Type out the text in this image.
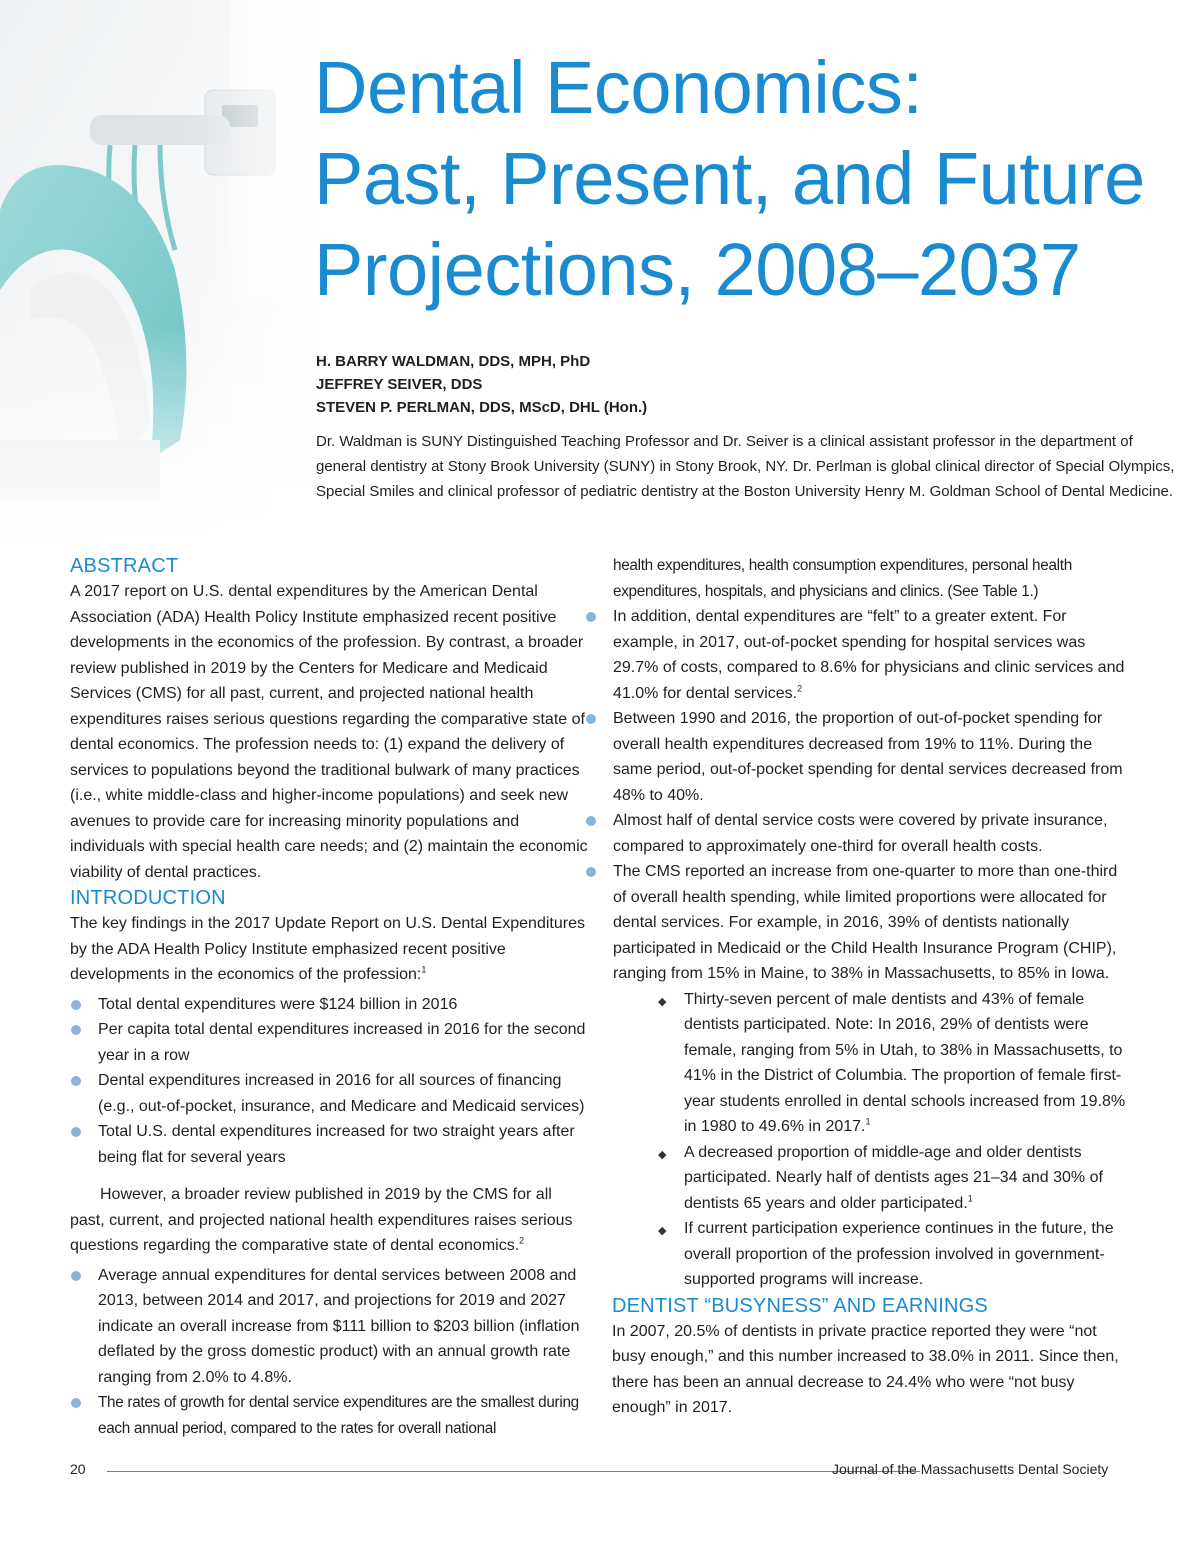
Dental Economics:
Past, Present, and Future
Projections, 2008–2037
H. BARRY WALDMAN, DDS, MPH, PhD
JEFFREY SEIVER, DDS
STEVEN P. PERLMAN, DDS, MScD, DHL (Hon.)

Dr. Waldman is SUNY Distinguished Teaching Professor and Dr. Seiver is a clinical assistant professor in the department of general dentistry at Stony Brook University (SUNY) in Stony Brook, NY. Dr. Perlman is global clinical director of Special Olympics, Special Smiles and clinical professor of pediatric dentistry at the Boston University Henry M. Goldman School of Dental Medicine.

ABSTRACT

A 2017 report on U.S. dental expenditures by the American Dental Association (ADA) Health Policy Institute emphasized recent positive developments in the economics of the profession. By contrast, a broader review published in 2019 by the Centers for Medicare and Medicaid Services (CMS) for all past, current, and projected national health expenditures raises serious questions regarding the comparative state of dental economics. The profession needs to: (1) expand the delivery of services to populations beyond the traditional bulwark of many practices (i.e., white middle-class and higher-income populations) and seek new avenues to provide care for increasing minority populations and individuals with special health care needs; and (2) maintain the economic viability of dental practices.

INTRODUCTION

The key findings in the 2017 Update Report on U.S. Dental Expenditures by the ADA Health Policy Institute emphasized recent positive developments in the economics of the profession:$^1$

Total dental expenditures were $124 billion in 2016
Per capita total dental expenditures increased in 2016 for the second year in a row
Dental expenditures increased in 2016 for all sources of financing (e.g., out-of-pocket, insurance, and Medicare and Medicaid services)
Total U.S. dental expenditures increased for two straight years after being flat for several years

However, a broader review published in 2019 by the CMS for all past, current, and projected national health expenditures raises serious questions regarding the comparative state of dental economics.$^2$

Average annual expenditures for dental services between 2008 and 2013, between 2014 and 2017, and projections for 2019 and 2027 indicate an overall increase from $111 billion to $203 billion (inflation deflated by the gross domestic product) with an annual growth rate ranging from 2.0% to 4.8%.
The rates of growth for dental service expenditures are the smallest during each annual period, compared to the rates for overall national

health expenditures, health consumption expenditures, personal health expenditures, hospitals, and physicians and clinics. (See Table 1.)

In addition, dental expenditures are “felt” to a greater extent. For example, in 2017, out-of-pocket spending for hospital services was 29.7% of costs, compared to 8.6% for physicians and clinic services and 41.0% for dental services.$^2$
Between 1990 and 2016, the proportion of out-of-pocket spending for overall health expenditures decreased from 19% to 11%. During the same period, out-of-pocket spending for dental services decreased from 48% to 40%.
Almost half of dental service costs were covered by private insurance, compared to approximately one-third for overall health costs.
The CMS reported an increase from one-quarter to more than one-third of overall health spending, while limited proportions were allocated for dental services. For example, in 2016, 39% of dentists nationally participated in Medicaid or the Child Health Insurance Program (CHIP), ranging from 15% in Maine, to 38% in Massachusetts, to 85% in Iowa.
◆ Thirty-seven percent of male dentists and 43% of female dentists participated. Note: In 2016, 29% of dentists were female, ranging from 5% in Utah, to 38% in Massachusetts, to 41% in the District of Columbia. The proportion of female first-year students enrolled in dental schools increased from 19.8% in 1980 to 49.6% in 2017.$^1$
◆ A decreased proportion of middle-age and older dentists participated. Nearly half of dentists ages 21–34 and 30% of dentists 65 years and older participated.$^1$
◆ If current participation experience continues in the future, the overall proportion of the profession involved in government-supported programs will increase.
DENTIST “BUSYNESS” AND EARNINGS

In 2007, 20.5% of dentists in private practice reported they were “not busy enough,” and this number increased to 38.0% in 2011. Since then, there has been an annual decrease to 24.4% who were “not busy enough” in 2017.

20	Journal of the Massachusetts Dental Society
